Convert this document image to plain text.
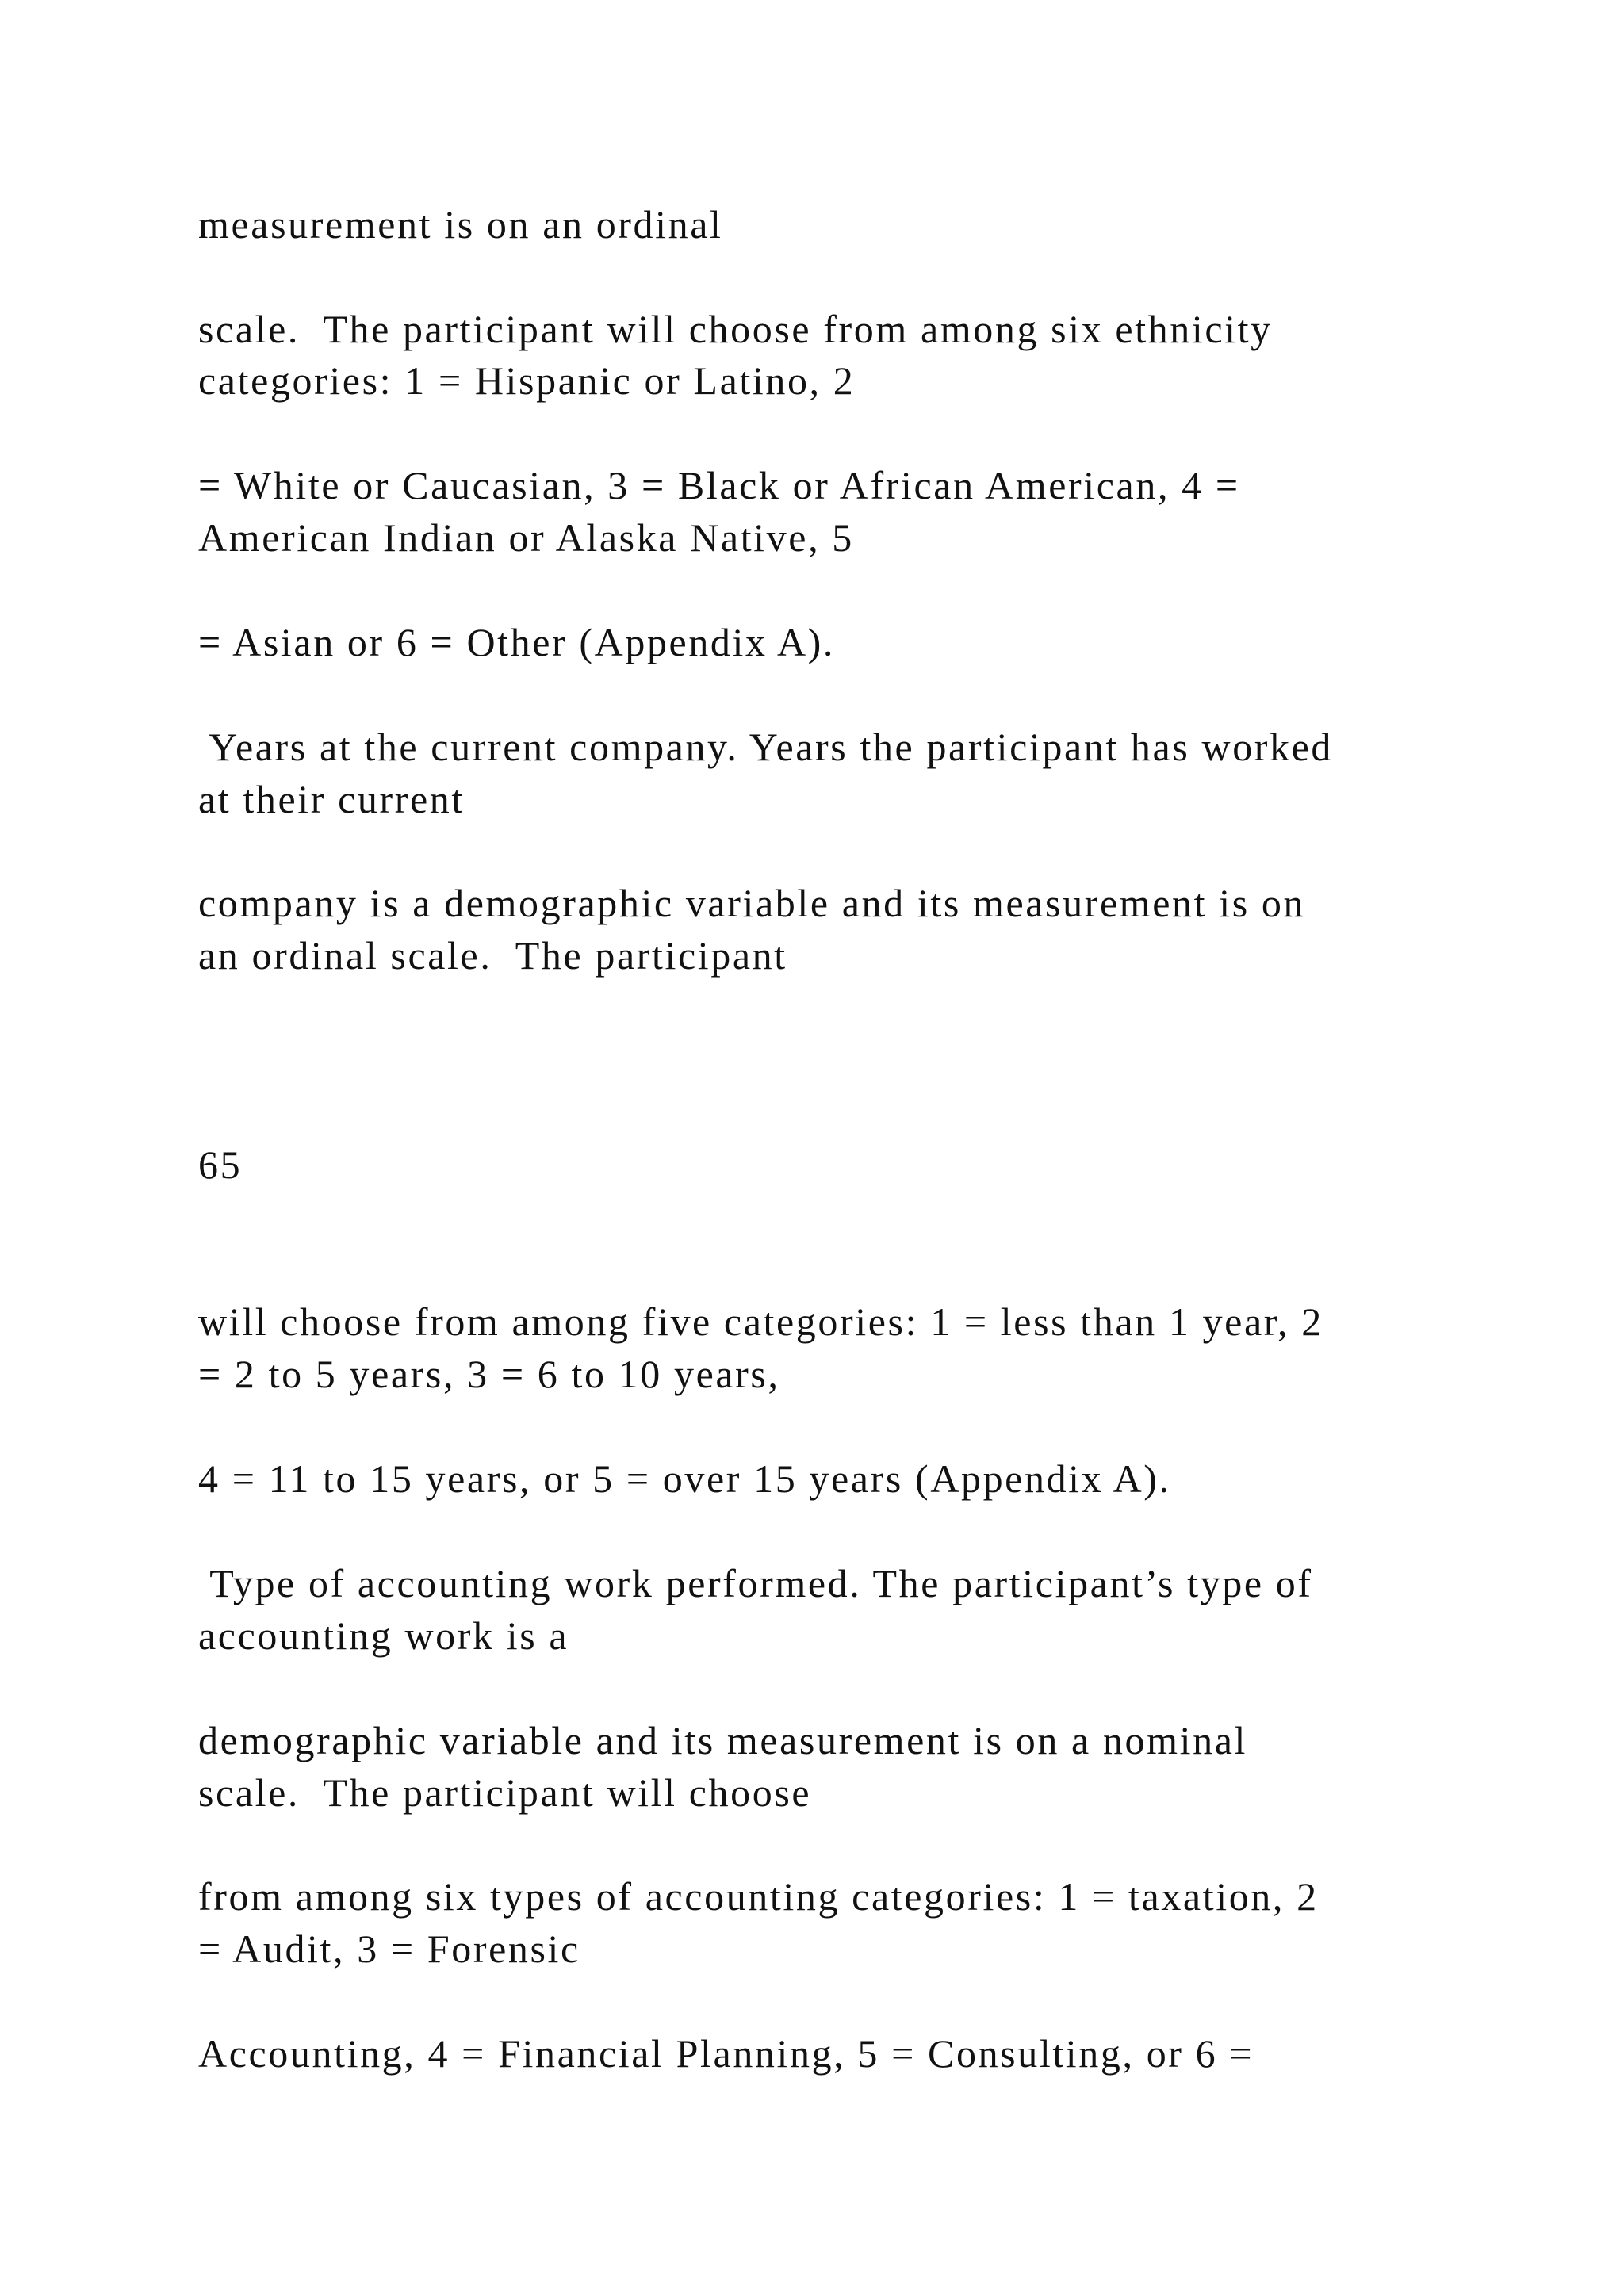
measurement is on an ordinal

scale.  The participant will choose from among six ethnicity

categories: 1 = Hispanic or Latino, 2

= White or Caucasian, 3 = Black or African American, 4 =

American Indian or Alaska Native, 5

= Asian or 6 = Other (Appendix A).

Years at the current company. Years the participant has worked

at their current

company is a demographic variable and its measurement is on

an ordinal scale.  The participant

65

will choose from among five categories: 1 = less than 1 year, 2

= 2 to 5 years, 3 = 6 to 10 years,

4 = 11 to 15 years, or 5 = over 15 years (Appendix A).

Type of accounting work performed. The participant’s type of

accounting work is a

demographic variable and its measurement is on a nominal

scale.  The participant will choose

from among six types of accounting categories: 1 = taxation, 2

= Audit, 3 = Forensic

Accounting, 4 = Financial Planning, 5 = Consulting, or 6 =
